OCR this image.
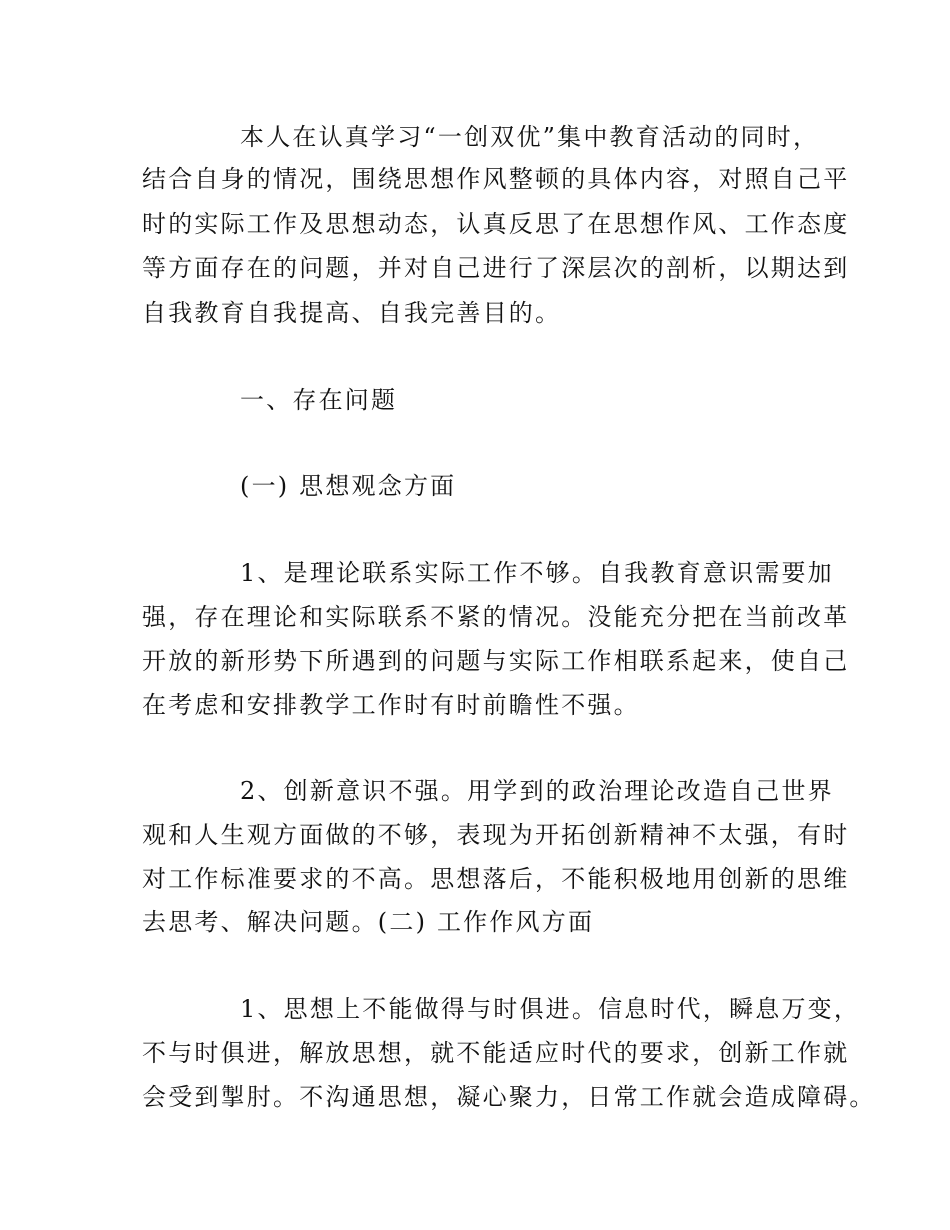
本人在认真学习“一创双优”集中教育活动的同时，
结合自身的情况，围绕思想作风整顿的具体内容，对照自己平
时的实际工作及思想动态，认真反思了在思想作风、工作态度
等方面存在的问题，并对自己进行了深层次的剖析，以期达到
自我教育自我提高、自我完善目的。
一、存在问题
(一) 思想观念方面
1、是理论联系实际工作不够。自我教育意识需要加
强，存在理论和实际联系不紧的情况。没能充分把在当前改革
开放的新形势下所遇到的问题与实际工作相联系起来，使自己
在考虑和安排教学工作时有时前瞻性不强。
2、创新意识不强。用学到的政治理论改造自己世界
观和人生观方面做的不够，表现为开拓创新精神不太强，有时
对工作标准要求的不高。思想落后，不能积极地用创新的思维
去思考、解决问题。(二) 工作作风方面
1、思想上不能做得与时俱进。信息时代，瞬息万变，
不与时俱进，解放思想，就不能适应时代的要求，创新工作就
会受到掣肘。不沟通思想，凝心聚力，日常工作就会造成障碍。
